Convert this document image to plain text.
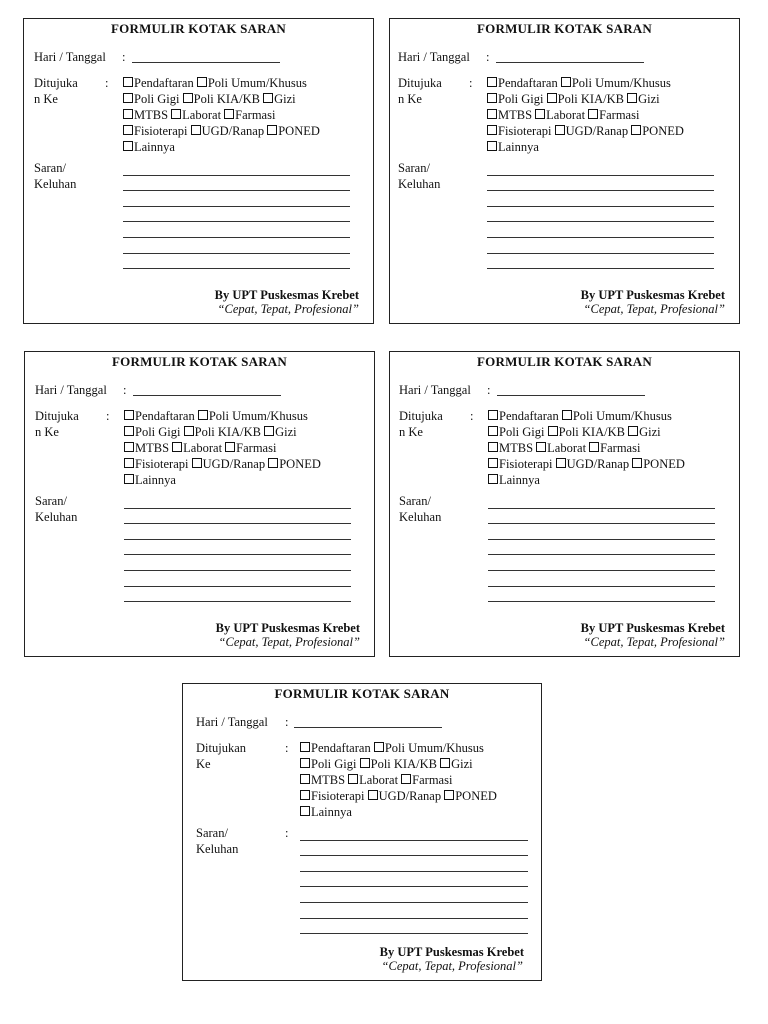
FORMULIR KOTAK SARAN
Hari / Tanggal :
Ditujuka
n Ke
:	Pendaftaran Poli Umum/Khusus
Poli Gigi Poli KIA/KB Gizi
MTBS Laborat Farmasi
Fisioterapi UGD/Ranap PONED
Lainnya
Saran/
Keluhan
By UPT Puskesmas Krebet
“Cepat, Tepat, Profesional”
FORMULIR KOTAK SARAN
Hari / Tanggal :
Ditujuka
n Ke
:	Pendaftaran Poli Umum/Khusus
Poli Gigi Poli KIA/KB Gizi
MTBS Laborat Farmasi
Fisioterapi UGD/Ranap PONED
Lainnya
Saran/
Keluhan
By UPT Puskesmas Krebet
“Cepat, Tepat, Profesional”
FORMULIR KOTAK SARAN
Hari / Tanggal :
Ditujuka
n Ke
:	Pendaftaran Poli Umum/Khusus
Poli Gigi Poli KIA/KB Gizi
MTBS Laborat Farmasi
Fisioterapi UGD/Ranap PONED
Lainnya
Saran/
Keluhan
By UPT Puskesmas Krebet
“Cepat, Tepat, Profesional”
FORMULIR KOTAK SARAN
Hari / Tanggal :
Ditujuka
n Ke
:	Pendaftaran Poli Umum/Khusus
Poli Gigi Poli KIA/KB Gizi
MTBS Laborat Farmasi
Fisioterapi UGD/Ranap PONED
Lainnya
Saran/
Keluhan
By UPT Puskesmas Krebet
“Cepat, Tepat, Profesional”
FORMULIR KOTAK SARAN
Hari / Tanggal :
Ditujukan
Ke
:	Pendaftaran Poli Umum/Khusus
Poli Gigi Poli KIA/KB Gizi
MTBS Laborat Farmasi
Fisioterapi UGD/Ranap PONED
Lainnya
Saran/
Keluhan
:
By UPT Puskesmas Krebet
“Cepat, Tepat, Profesional”
